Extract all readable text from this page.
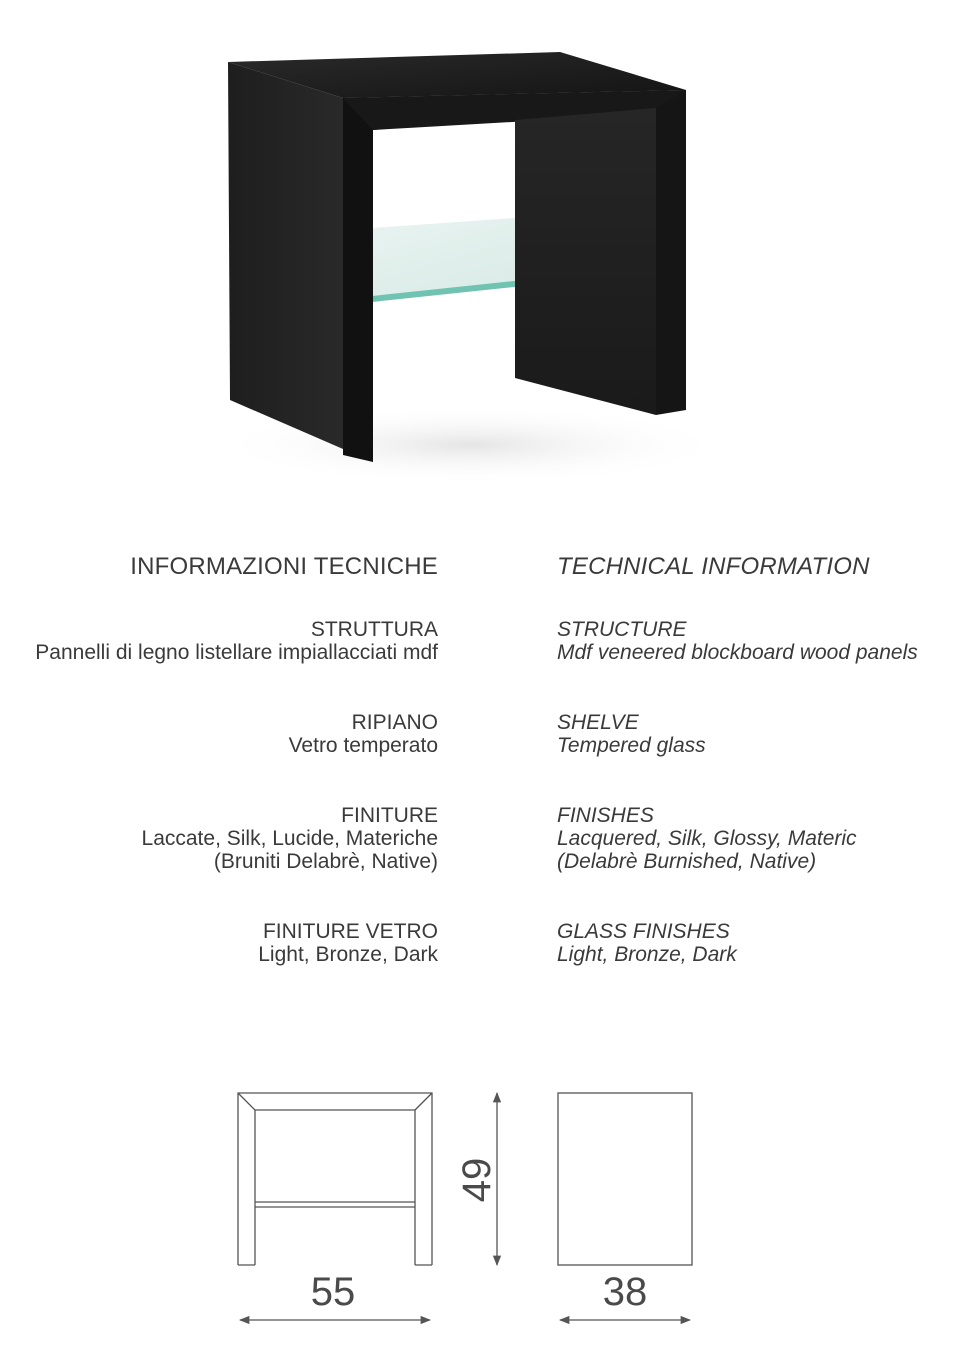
INFORMAZIONI TECNICHE
STRUTTURA
Pannelli di legno listellare impiallacciati mdf
RIPIANO
Vetro temperato
FINITURE
Laccate, Silk, Lucide, Materiche
(Bruniti Delabrè, Native)
FINITURE VETRO
Light, Bronze, Dark
TECHNICAL INFORMATION
STRUCTURE
Mdf veneered blockboard wood panels
SHELVE
Tempered glass
FINISHES
Lacquered, Silk, Glossy, Materic
(Delabrè Burnished, Native)
GLASS FINISHES
Light, Bronze, Dark
55
49
38
